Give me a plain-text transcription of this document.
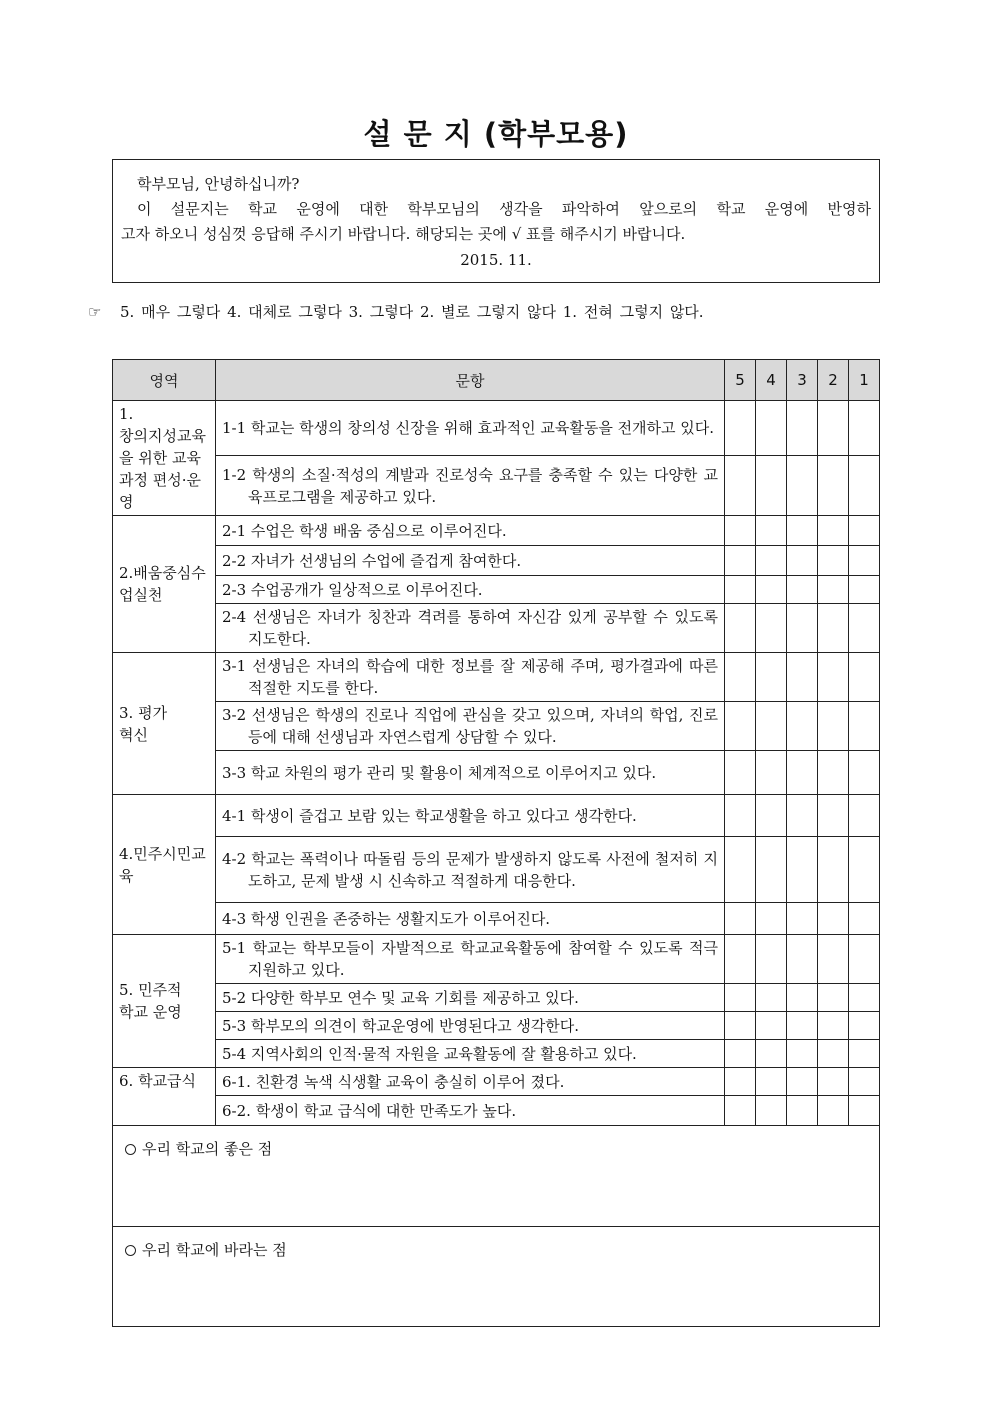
설 문 지 (학부모용)
학부모님, 안녕하십니까?
이 설문지는 학교 운영에 대한 학부모님의 생각을 파악하여 앞으로의 학교 운영에 반영하
고자 하오니 성심껏 응답해 주시기 바랍니다. 해당되는 곳에 √ 표를 해주시기 바랍니다.
2015. 11.
☞ 5. 매우 그렇다 4. 대체로 그렇다 3. 그렇다 2. 별로 그렇지 않다 1. 전혀 그렇지 않다.
영역	문항	5	4	3	2	1
1.
창의지성교육을 위한 교육과정 편성·운영	1-1 학교는 학생의 창의성 신장을 위해 효과적인 교육활동을 전개하고 있다.					

	1-2 학생의 소질·적성의 계발과 진로성숙 요구를 충족할 수 있는 다양한 교육프로그램을 제공하고 있다.					

2.배움중심수업실천	2-1 수업은 학생 배움 중심으로 이루어진다.					

	2-2 자녀가 선생님의 수업에 즐겁게 참여한다.					

	2-3 수업공개가 일상적으로 이루어진다.					

	2-4 선생님은 자녀가 칭찬과 격려를 통하여 자신감 있게 공부할 수 있도록 지도한다.					

3. 평가
혁신	3-1 선생님은 자녀의 학습에 대한 정보를 잘 제공해 주며, 평가결과에 따른 적절한 지도를 한다.					

	3-2 선생님은 학생의 진로나 직업에 관심을 갖고 있으며, 자녀의 학업, 진로 등에 대해 선생님과 자연스럽게 상담할 수 있다.					

	3-3 학교 차원의 평가 관리 및 활용이 체계적으로 이루어지고 있다.					

4.민주시민교육	4-1 학생이 즐겁고 보람 있는 학교생활을 하고 있다고 생각한다.					

	4-2 학교는 폭력이나 따돌림 등의 문제가 발생하지 않도록 사전에 철저히 지도하고, 문제 발생 시 신속하고 적절하게 대응한다.					

	4-3 학생 인권을 존중하는 생활지도가 이루어진다.					

5. 민주적
학교 운영	5-1 학교는 학부모들이 자발적으로 학교교육활동에 참여할 수 있도록 적극 지원하고 있다.					

	5-2 다양한 학부모 연수 및 교육 기회를 제공하고 있다.					

	5-3 학부모의 의견이 학교운영에 반영된다고 생각한다.					

	5-4 지역사회의 인적·물적 자원을 교육활동에 잘 활용하고 있다.					

6. 학교급식	6-1. 친환경 녹색 식생활 교육이 충실히 이루어 졌다.					

	6-2. 학생이 학교 급식에 대한 만족도가 높다.					

우리 학교의 좋은 점						
우리 학교에 바라는 점						
